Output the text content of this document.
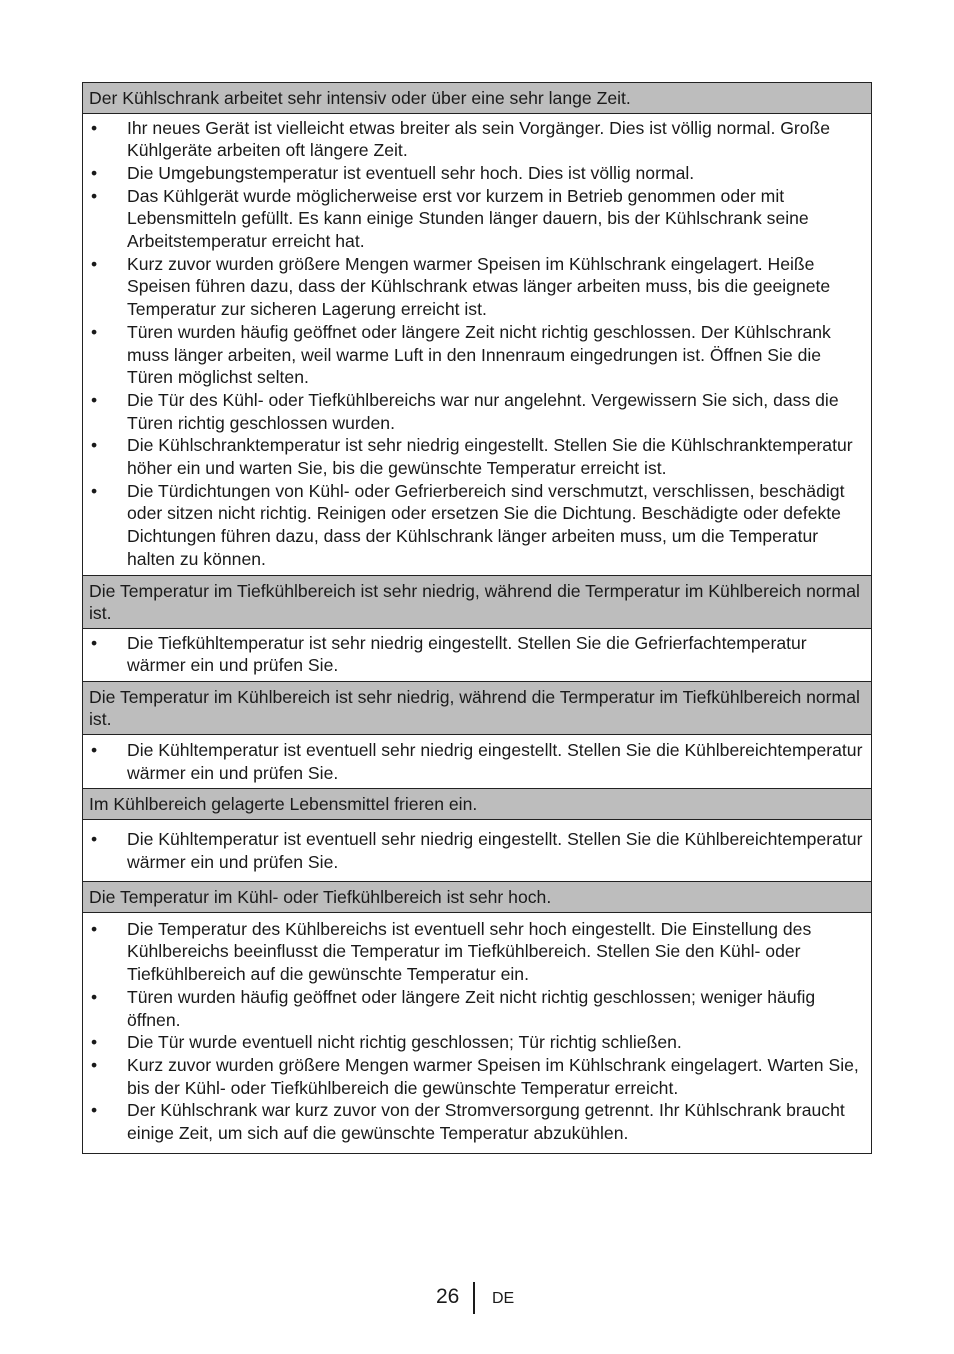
Der Kühlschrank arbeitet sehr intensiv oder über eine sehr lange Zeit.
• Ihr neues Gerät ist vielleicht etwas breiter als sein Vorgänger. Dies ist völlig normal. Große Kühlgeräte arbeiten oft längere Zeit.
• Die Umgebungstemperatur ist eventuell sehr hoch. Dies ist völlig normal.
• Das Kühlgerät wurde möglicherweise erst vor kurzem in Betrieb genommen oder mit Lebensmitteln gefüllt. Es kann einige Stunden länger dauern, bis der Kühlschrank seine Arbeitstemperatur erreicht hat.
• Kurz zuvor wurden größere Mengen warmer Speisen im Kühlschrank eingelagert. Heiße Speisen führen dazu, dass der Kühlschrank etwas länger arbeiten muss, bis die geeignete Temperatur zur sicheren Lagerung erreicht ist.
• Türen wurden häufig geöffnet oder längere Zeit nicht richtig geschlossen. Der Kühlschrank muss länger arbeiten, weil warme Luft in den Innenraum eingedrungen ist. Öffnen Sie die Türen möglichst selten.
• Die Tür des Kühl- oder Tiefkühlbereichs war nur angelehnt. Vergewissern Sie sich, dass die Türen richtig geschlossen wurden.
• Die Kühlschranktemperatur ist sehr niedrig eingestellt. Stellen Sie die Kühlschranktemperatur höher ein und warten Sie, bis die gewünschte Temperatur erreicht ist.
• Die Türdichtungen von Kühl- oder Gefrierbereich sind verschmutzt, verschlissen, beschädigt oder sitzen nicht richtig. Reinigen oder ersetzen Sie die Dichtung. Beschädigte oder defekte Dichtungen führen dazu, dass der Kühlschrank länger arbeiten muss, um die Temperatur halten zu können.
Die Temperatur im Tiefkühlbereich ist sehr niedrig, während die Termperatur im Kühlbereich normal ist.
• Die Tiefkühltemperatur ist sehr niedrig eingestellt. Stellen Sie die Gefrierfachtemperatur wärmer ein und prüfen Sie.
Die Temperatur im Kühlbereich ist sehr niedrig, während die Termperatur im Tiefkühlbereich normal ist.
• Die Kühltemperatur ist eventuell sehr niedrig eingestellt. Stellen Sie die Kühlbereichtemperatur wärmer ein und prüfen Sie.
Im Kühlbereich gelagerte Lebensmittel frieren ein.
• Die Kühltemperatur ist eventuell sehr niedrig eingestellt. Stellen Sie die Kühlbereichtemperatur wärmer ein und prüfen Sie.
Die Temperatur im Kühl- oder Tiefkühlbereich ist sehr hoch.
• Die Temperatur des Kühlbereichs ist eventuell sehr hoch eingestellt. Die Einstellung des Kühlbereichs beeinflusst die Temperatur im Tiefkühlbereich. Stellen Sie den Kühl- oder Tiefkühlbereich auf die gewünschte Temperatur ein.
• Türen wurden häufig geöffnet oder längere Zeit nicht richtig geschlossen; weniger häufig öffnen.
• Die Tür wurde eventuell nicht richtig geschlossen; Tür richtig schließen.
• Kurz zuvor wurden größere Mengen warmer Speisen im Kühlschrank eingelagert. Warten Sie, bis der Kühl- oder Tiefkühlbereich die gewünschte Temperatur erreicht.
• Der Kühlschrank war kurz zuvor von der Stromversorgung getrennt. Ihr Kühlschrank braucht einige Zeit, um sich auf die gewünschte Temperatur abzukühlen.
26 DE
